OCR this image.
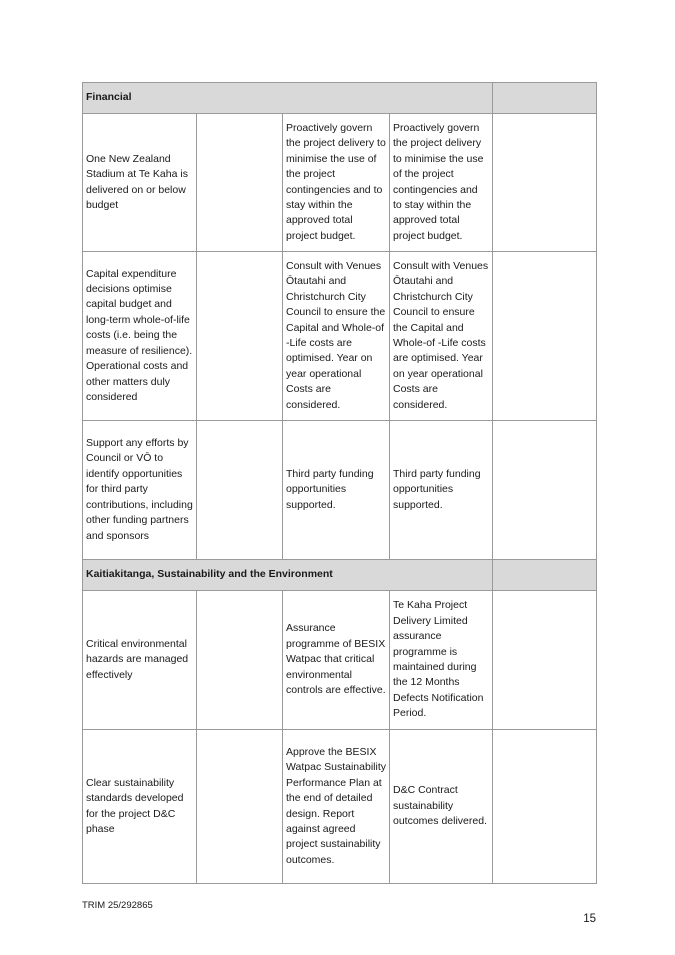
Financial				
One New Zealand Stadium at Te Kaha is delivered on or below budget		Proactively govern the project delivery to minimise the use of the project contingencies and to stay within the approved total project budget.	Proactively govern the project delivery to minimise the use of the project contingencies and to stay within the approved total project budget.	
Capital expenditure decisions optimise capital budget and long-term whole-of-life costs (i.e. being the measure of resilience). Operational costs and other matters duly considered		Consult with Venues Ōtautahi and Christchurch City Council to ensure the Capital and Whole-of -Life costs are optimised. Year on year operational Costs are considered.	Consult with Venues Ōtautahi and Christchurch City Council to ensure the Capital and Whole-of -Life costs are optimised. Year on year operational Costs are considered.	
Support any efforts by Council or VŌ to identify opportunities for third party contributions, including other funding partners and sponsors		Third party funding opportunities supported.	Third party funding opportunities supported.	
Kaitiakitanga, Sustainability and the Environment				
Critical environmental hazards are managed effectively		Assurance programme of BESIX Watpac that critical environmental controls are effective.	Te Kaha Project Delivery Limited assurance programme is maintained during the 12 Months Defects Notification Period.	
Clear sustainability standards developed for the project D&C phase		Approve the BESIX Watpac Sustainability Performance Plan at the end of detailed design. Report against agreed project sustainability outcomes.	D&C Contract sustainability outcomes delivered.	
TRIM 25/292865
15
